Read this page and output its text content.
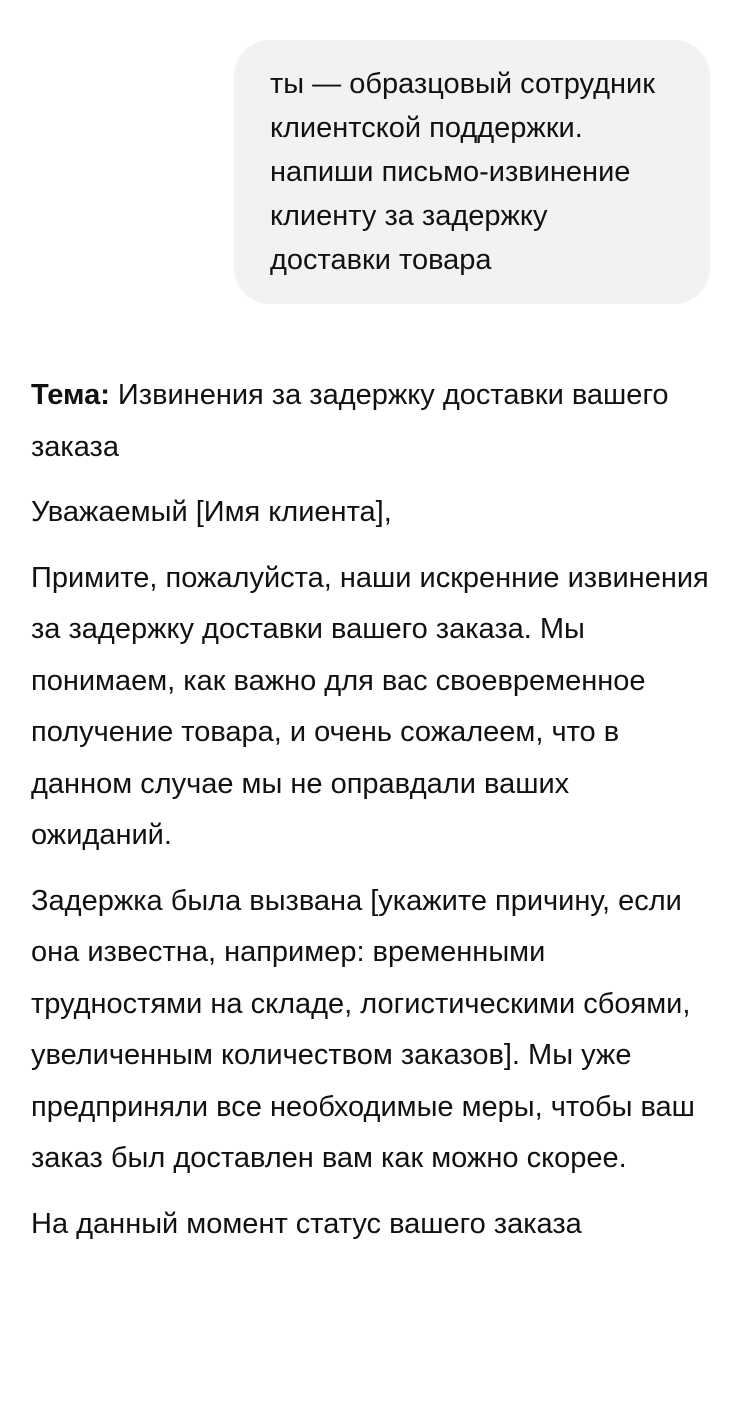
ты — образцовый сотрудник
клиентской поддержки.
напиши письмо-извинение
клиенту за задержку
доставки товара

Тема: Извинения за задержку доставки вашего заказа

Уважаемый [Имя клиента],

Примите, пожалуйста, наши искренние извинения за задержку доставки вашего заказа. Мы понимаем, как важно для вас своевременное получение товара, и очень сожалеем, что в данном случае мы не оправдали ваших ожиданий.

Задержка была вызвана [укажите причину, если она известна, например: временными трудностями на складе, логистическими сбоями, увеличенным количеством заказов]. Мы уже предприняли все необходимые меры, чтобы ваш заказ был доставлен вам как можно скорее.

На данный момент статус вашего заказа
